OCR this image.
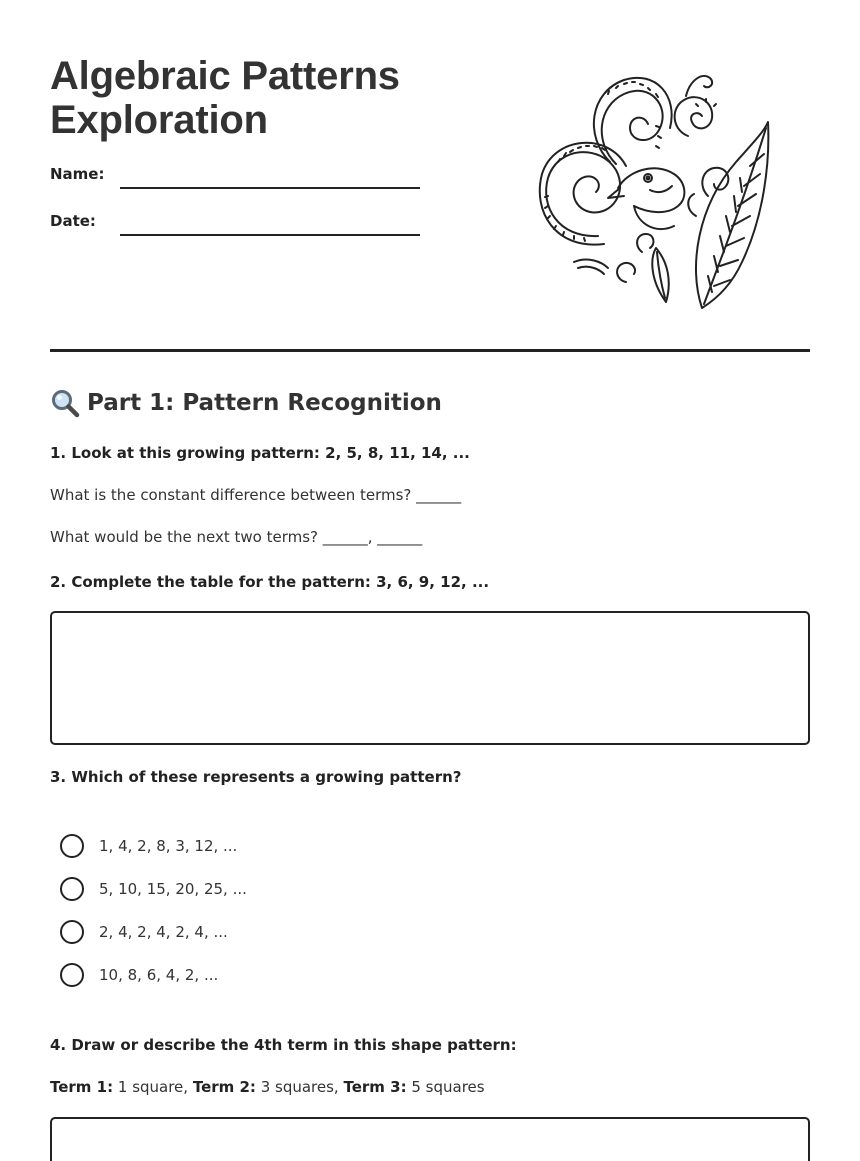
Algebraic Patterns
Exploration
Name:
Date:
Part 1: Pattern Recognition
1. Look at this growing pattern: 2, 5, 8, 11, 14, ...
What is the constant difference between terms? ______
What would be the next two terms? ______, ______
2. Complete the table for the pattern: 3, 6, 9, 12, ...
3. Which of these represents a growing pattern?
1, 4, 2, 8, 3, 12, ...
5, 10, 15, 20, 25, ...
2, 4, 2, 4, 2, 4, ...
10, 8, 6, 4, 2, ...
4. Draw or describe the 4th term in this shape pattern:
Term 1: 1 square, Term 2: 3 squares, Term 3: 5 squares
